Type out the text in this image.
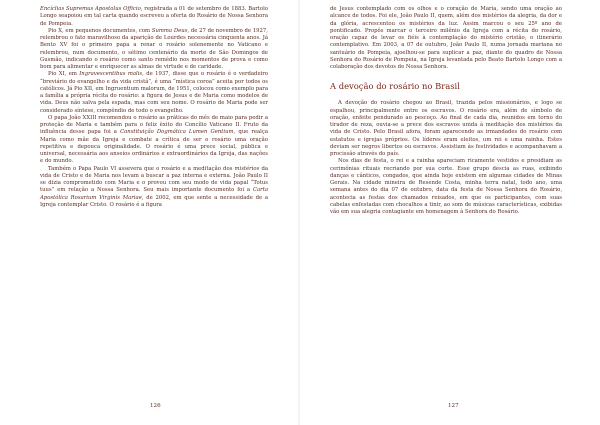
Encíclias Supremus Apostolus Officio, registrada a 01 de setembro de 1883. Bartolo Longo seapoiou em tal carta quando escreveu a oferta do Rosário de Nossa Senhora de Pompeia.

Pio X, em pequenos documentos, com Summa Deus, de 27 de novembro de 1927, relembrou o fato maravilhoso da aparição de Lourdes necessária cinquenta anos. Já Bento XV foi o primeiro papa a renar o rosário solenemente no Vaticano e relembrou, num documento, o sétimo centenário da morte de São Domingos de Gusmão, indicando o rosário como santo remédio nos momentos de prova e como bom para alimentar e enriquecer as almas de virtude e de caridade.

Pio XI, em Ingravescentibus malis, de 1937, disse que o rosário é o verdadeiro “breviário do evangelho e da vida cristã”, é uma “mística coroa” aceita por todos os católicos. Já Pio XII, em Ingruentium malorum, de 1951, colocou como exemplo para a família a própria récita do rosário: a figura de Jesus e de Maria como modelos de vida. Deus não salva pela espada, mas com seu nome. O rosário de Maria pode ser considerado síntese, compêndio de todo o evangelho.

O papa João XXIII recomendou o rosário as práticas do mês de maio para pedir a proteção de Maria e também para o feliz êxito do Concílio Vaticano II. Fruto da influência desse papa foi a Constituição Dogmática Lumen Gentium, que realça Maria como mãe da Igreja e combate a crítica de ser o rosário uma oração repetitiva e depouca originalidade. O rosário é uma prece social, pública e universal, necessária aos anseios ordinários e extraordinários da Igreja, das nações e do mundo.

Também o Papa Paulo VI assevera que o rosário e a meditação dos mistérios da vida de Cristo e de Maria nos levam a buscar a paz interna e externa. João Paulo II se dizia comprometido com Maria e o provou com seu modo de vida papal “Totus tuus” em relação a Nossa Senhora. Seu mais importante documento foi a Carta Apostólica Rosarium Virginis Mariae, de 2002, em que sente a necessidade de a Igreja contemplar Cristo. O rosário é a figura

126

de Jesus contemplado com os olhos e o coração de Maria, sendo uma oração ao alcance de todos. Foi ele, João Paulo II, quem, além dos mistérios da alegria, da dor e da glória, acrescentou os mistérios da luz. Assim marcou o seu 25º ano de pontificado. Propôs marcar o terceiro milênio da Igreja com a récita do rosário, oração capaz de levar os fiéis à contemplação do mistério cristão, o itinerário contemplativo. Em 2003, a 07 de outubro, João Paulo II, numa jornada mariana no santuário de Pompeia, ajoelhou-se para suplicar a paz, diante do quadro de Nossa Senhora do Rosário de Pompeia, na Igreja levantada pelo Beato Bartolo Longo com a colaboração dos devotos de Nossa Senhora.

A devoção do rosário no Brasil

A devoção do rosário chegou ao Brasil, trazida pelos missionários, e logo se espalhou, principalmente entre os escravos. O rosário era, além de símbolo de oração, enfeite pendurado ao pescoço. Ao final de cada dia, reunidos em torno do tirador de reza, ouvia-se a prece dos escravos unida à meditação dos mistérios da vida de Cristo. Pelo Brasil afora, foram aparecendo as irmandades do rosário com estatutos e igrejas próprios. Os líderes eram eleitos, um rei e uma rainha. Estes deviam ser negros libertos ou escravos. Assistiam às festividades e acompanhavam a procissão através do país.

Nos dias de festa, o rei e a rainha apareciam ricamente vestidos e presidiam as cerimônias rituais recriando por sua corte. Esse grupo descia as ruas, exibindo danças e cânticos, congados, que ainda hoje existem em algumas cidades de Minas Gerais. Na cidade mineira de Resende Costa, minha terra natal, todo ano, uma semana antes do dia 07 de outubro, data da festa de Nossa Senhora do Rosário, acontecia as festas dos chamados reisados, em que os participantes, com suas cabelas enfestadas com chocalhos a tinir, ao som de músicas características, exibidas vão em sua alegria contagiante em homenagem à Senhora do Rosário.

127
